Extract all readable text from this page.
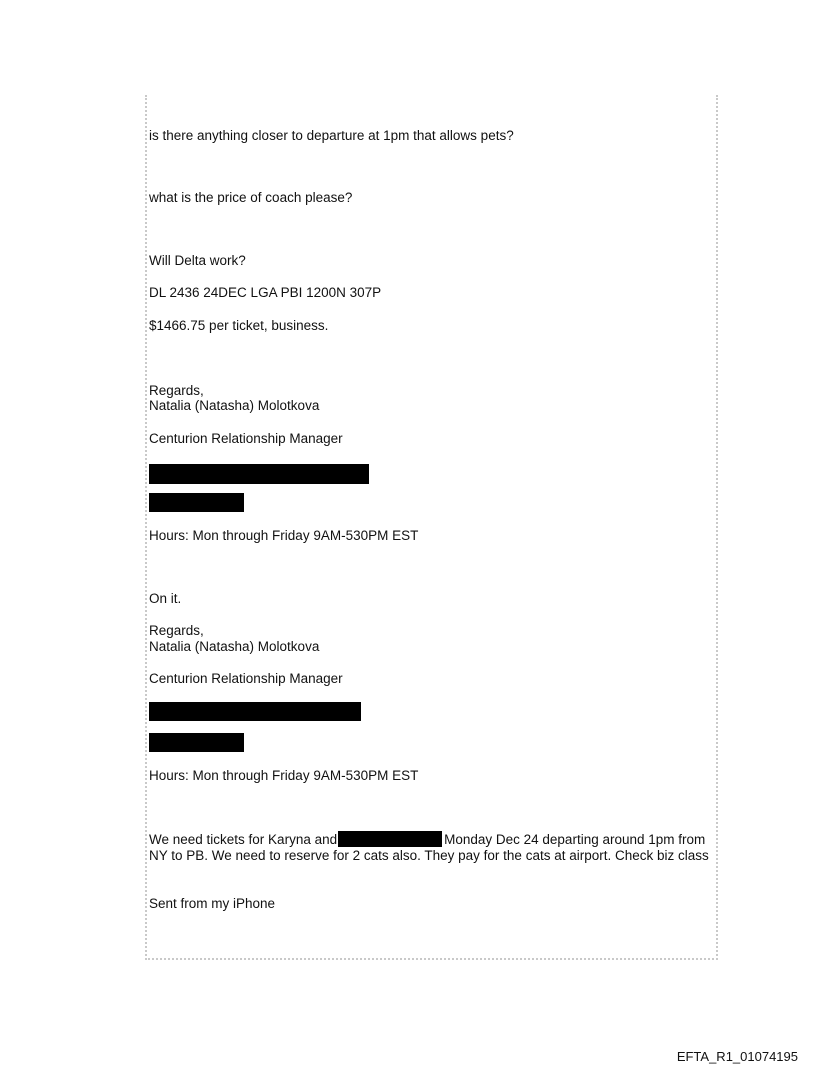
is there anything closer to departure at 1pm that allows pets?

what is the price of coach please?

Will Delta work?

DL 2436 24DEC LGA PBI 1200N 307P

$1466.75 per ticket, business.

Regards,

Natalia (Natasha) Molotkova

Centurion Relationship Manager

Hours: Mon through Friday 9AM-530PM EST

On it.

Regards,

Natalia (Natasha) Molotkova

Centurion Relationship Manager

Hours: Mon through Friday 9AM-530PM EST

We need tickets for Karyna and	Monday Dec 24 departing around 1pm from NY to PB. We need to reserve for 2 cats also. They pay for the cats at airport. Check biz class

Sent from my iPhone

EFTA_R1_01074195
